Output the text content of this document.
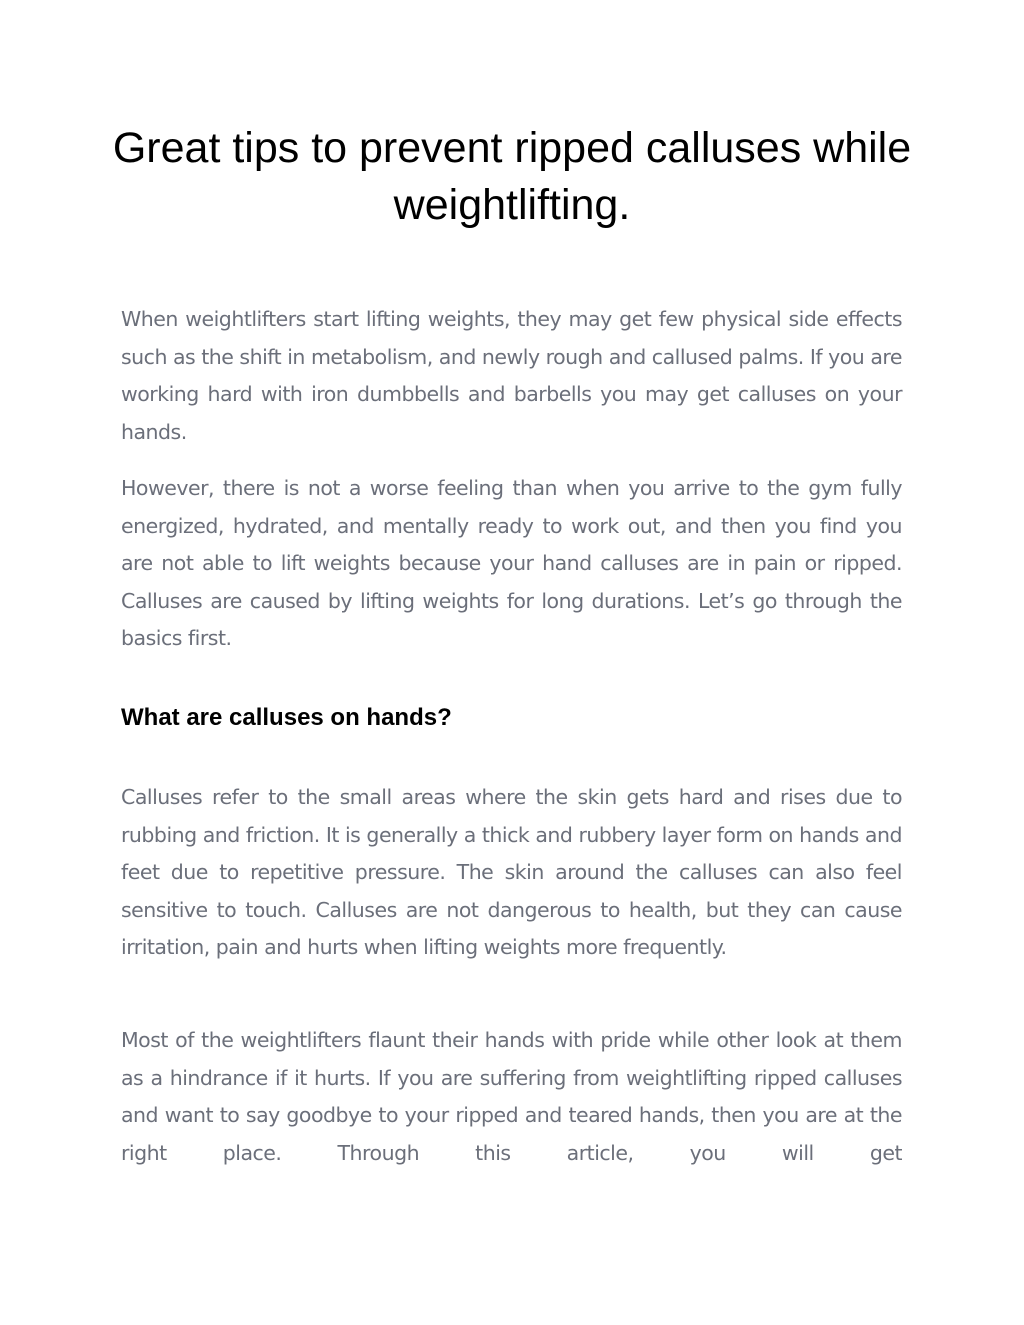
Great tips to prevent ripped calluses while weightlifting.

When weightlifters start lifting weights, they may get few physical side effects such as the shift in metabolism, and newly rough and callused palms. If you are working hard with iron dumbbells and barbells you may get calluses on your hands.

However, there is not a worse feeling than when you arrive to the gym fully energized, hydrated, and mentally ready to work out, and then you find you are not able to lift weights because your hand calluses are in pain or ripped. Calluses are caused by lifting weights for long durations. Let’s go through the basics first.

What are calluses on hands?

Calluses refer to the small areas where the skin gets hard and rises due to rubbing and friction. It is generally a thick and rubbery layer form on hands and feet due to repetitive pressure. The skin around the calluses can also feel sensitive to touch. Calluses are not dangerous to health, but they can cause irritation, pain and hurts when lifting weights more frequently.

Most of the weightlifters flaunt their hands with pride while other look at them as a hindrance if it hurts. If you are suffering from weightlifting ripped calluses and want to say goodbye to your ripped and teared hands, then you are at the right place. Through this article, you will get
